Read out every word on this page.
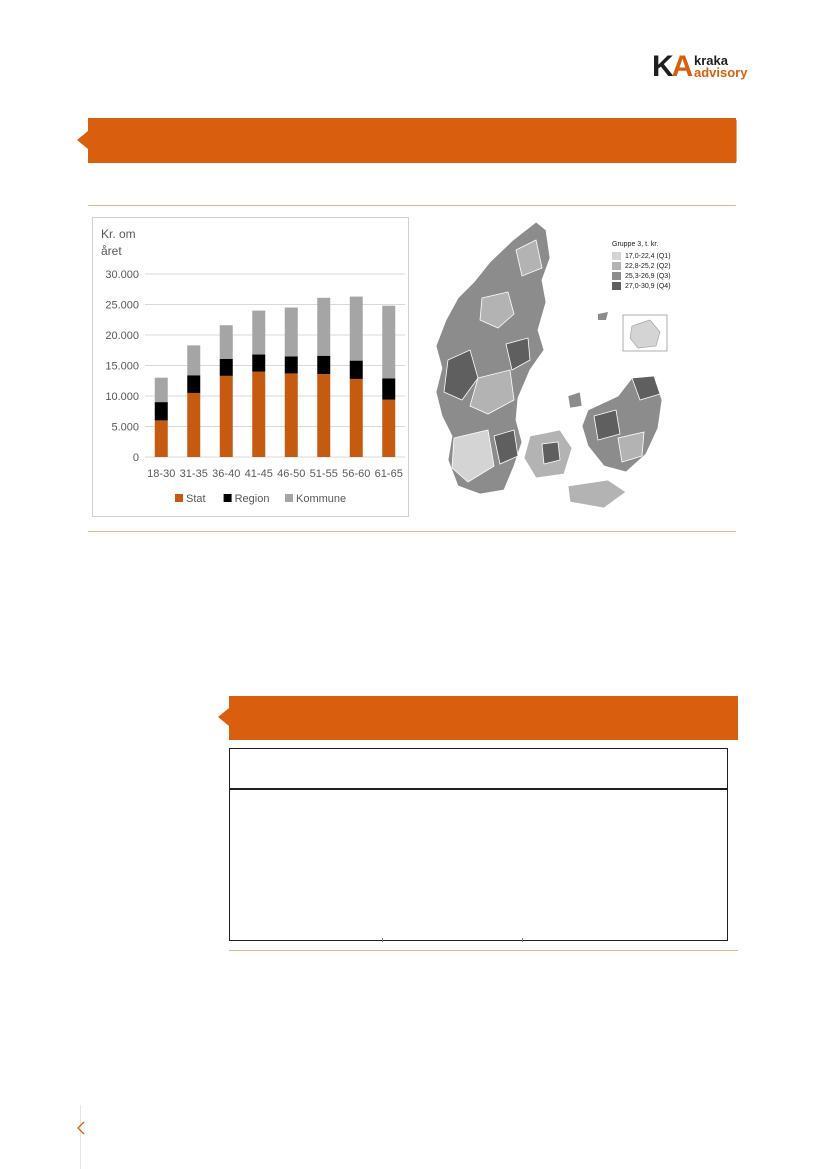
KA kraka
advisory
0
5.000
10.000
15.000
20.000
25.000
30.000
18-30 31-35 36-40 41-45 46-50 51-55 56-60 61-65
Kr. om
året
Stat	Region Kommune
Gruppe 3, t. kr.
17,0-22,4 (Q1)
22,8-25,2 (Q2)
25,3-26,9 (Q3)
27,0-30,9 (Q4)
